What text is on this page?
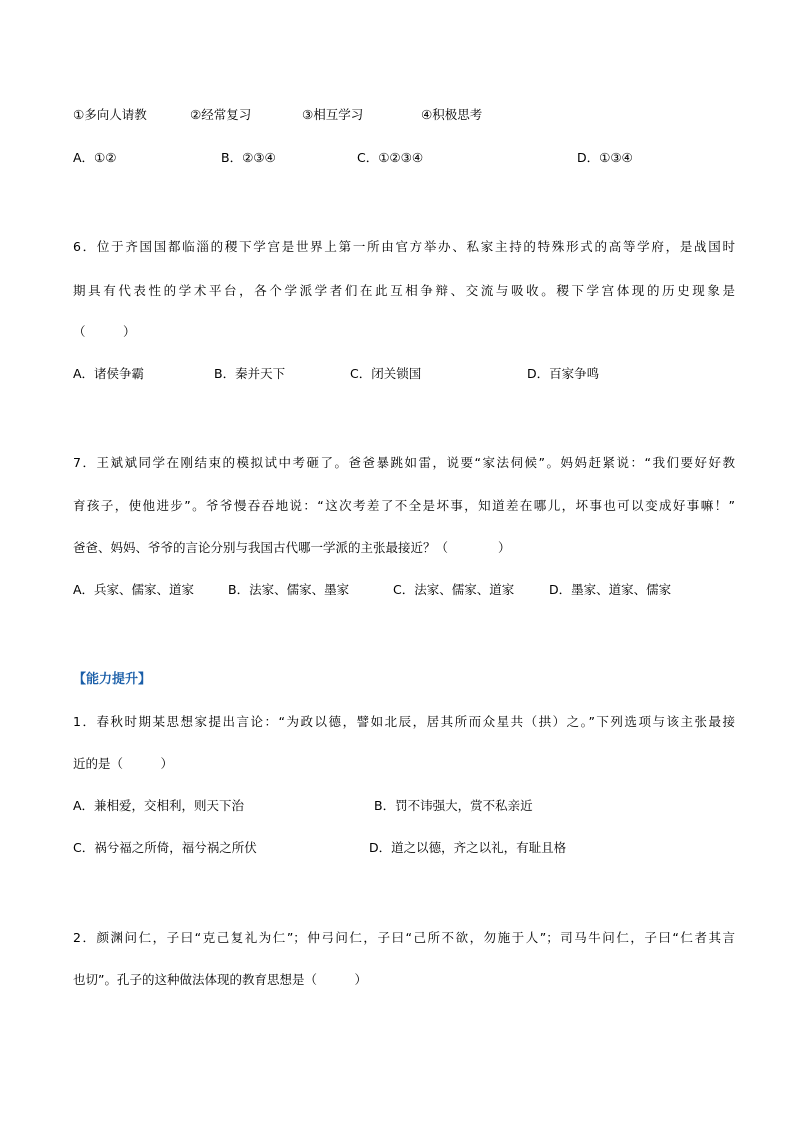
①多向人请教	②经常复习	③相互学习	④积极思考
A．①②	B．②③④	C．①②③④	D．①③④
6．位于齐国国都临淄的稷下学宫是世界上第一所由官方举办、私家主持的特殊形式的高等学府，是战国时
期具有代表性的学术平台，各个学派学者们在此互相争辩、交流与吸收。稷下学宫体现的历史现象是
（　　　）
A．诸侯争霸	B．秦并天下	C．闭关锁国	D．百家争鸣
7．王斌斌同学在刚结束的模拟试中考砸了。爸爸暴跳如雷，说要“家法伺候”。妈妈赶紧说：“我们要好好教
育孩子，使他进步”。爷爷慢吞吞地说：“这次考差了不全是坏事，知道差在哪儿，坏事也可以变成好事嘛！”
爸爸、妈妈、爷爷的言论分别与我国古代哪一学派的主张最接近？（　　　　）
A．兵家、儒家、道家	B．法家、儒家、墨家	C．法家、儒家、道家	D．墨家、道家、儒家
【能力提升】
1．春秋时期某思想家提出言论：“为政以德，譬如北辰，居其所而众星共（拱）之。”下列选项与该主张最接
近的是（　　　）
A．兼相爱，交相利，则天下治	B．罚不讳强大，赏不私亲近
C．祸兮福之所倚，福兮祸之所伏	D．道之以德，齐之以礼，有耻且格
2．颜渊问仁，子曰“克己复礼为仁”；仲弓问仁，子曰“己所不欲，勿施于人”；司马牛问仁，子曰“仁者其言
也切”。孔子的这种做法体现的教育思想是（　　　）
